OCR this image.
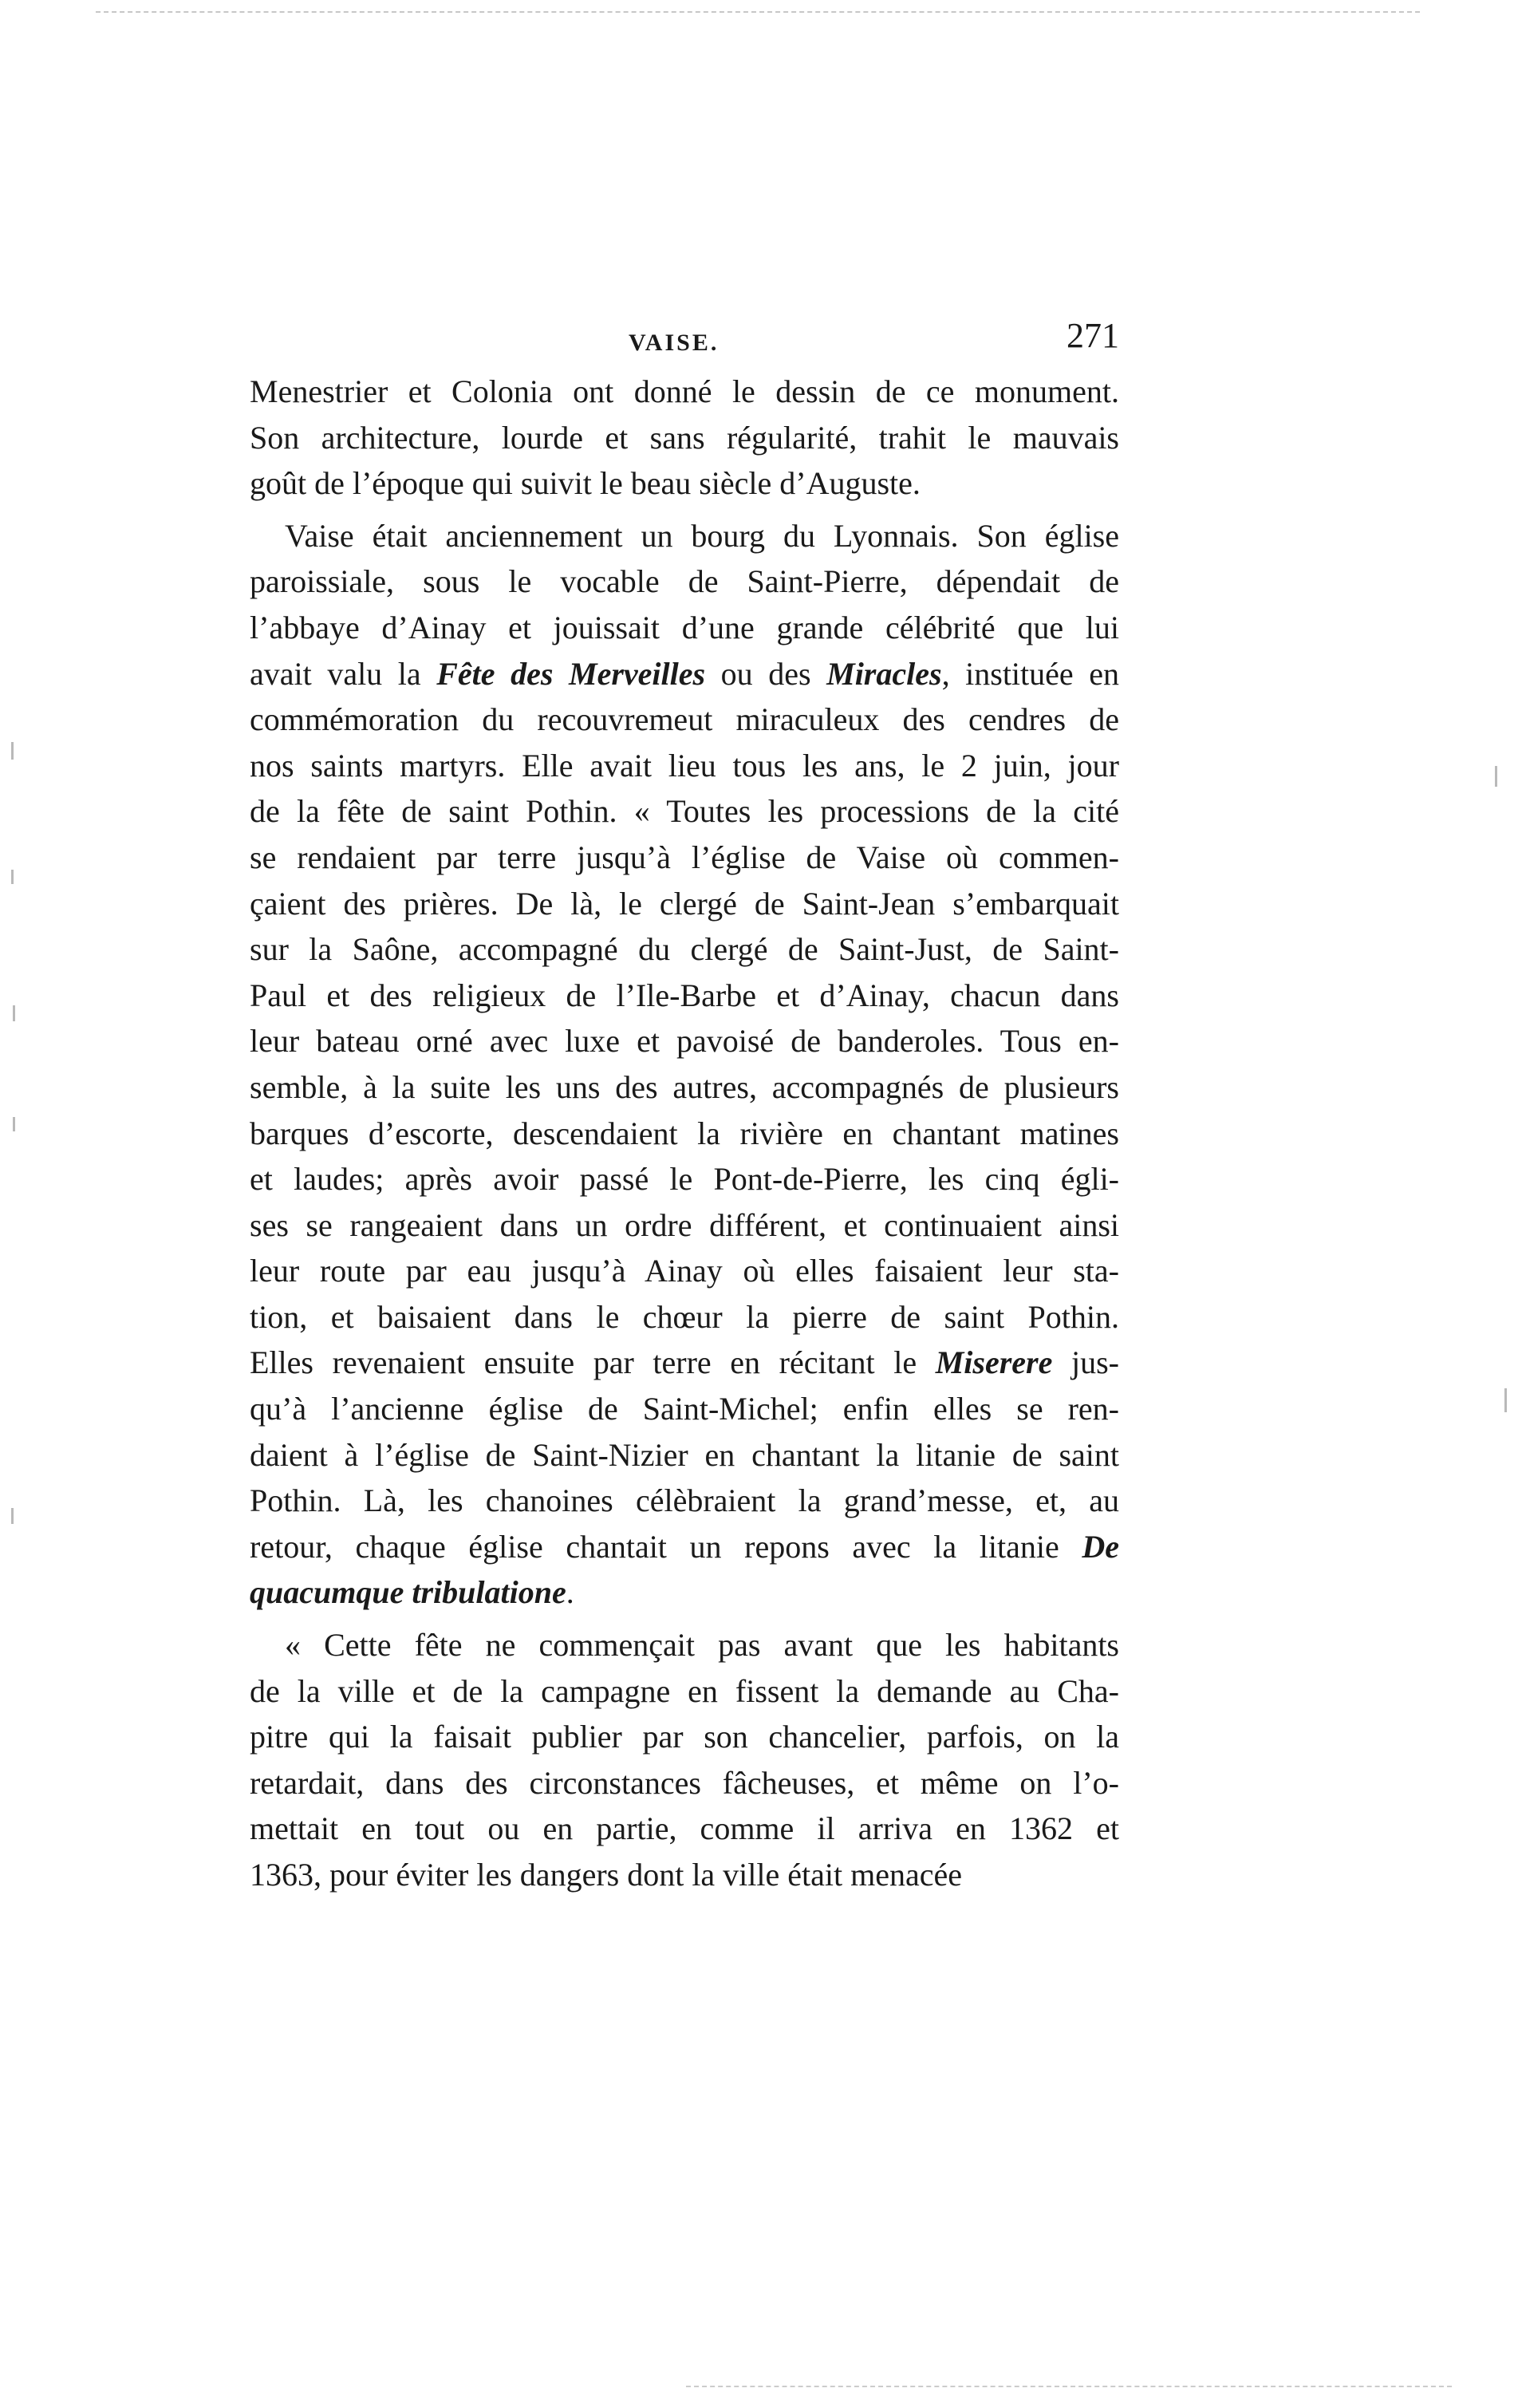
VAISE.	271
Menestrier et Colonia ont donné le dessin de ce monument.
Son architecture, lourde et sans régularité, trahit le mauvais
goût de l’époque qui suivit le beau siècle d’Auguste.
Vaise était anciennement un bourg du Lyonnais. Son église
paroissiale, sous le vocable de Saint-Pierre, dépendait de
l’abbaye d’Ainay et jouissait d’une grande célébrité que lui
avait valu la Fête des Merveilles ou des Miracles, instituée en
commémoration du recouvremeut miraculeux des cendres de
nos saints martyrs. Elle avait lieu tous les ans, le 2 juin, jour
de la fête de saint Pothin. « Toutes les processions de la cité
se rendaient par terre jusqu’à l’église de Vaise où commen-
çaient des prières. De là, le clergé de Saint-Jean s’embarquait
sur la Saône, accompagné du clergé de Saint-Just, de Saint-
Paul et des religieux de l’Ile-Barbe et d’Ainay, chacun dans
leur bateau orné avec luxe et pavoisé de banderoles. Tous en-
semble, à la suite les uns des autres, accompagnés de plusieurs
barques d’escorte, descendaient la rivière en chantant matines
et laudes; après avoir passé le Pont-de-Pierre, les cinq égli-
ses se rangeaient dans un ordre différent, et continuaient ainsi
leur route par eau jusqu’à Ainay où elles faisaient leur sta-
tion, et baisaient dans le chœur la pierre de saint Pothin.
Elles revenaient ensuite par terre en récitant le Miserere jus-
qu’à l’ancienne église de Saint-Michel; enfin elles se ren-
daient à l’église de Saint-Nizier en chantant la litanie de saint
Pothin. Là, les chanoines célèbraient la grand’messe, et, au
retour, chaque église chantait un repons avec la litanie De
quacumque tribulatione.
« Cette fête ne commençait pas avant que les habitants
de la ville et de la campagne en fissent la demande au Cha-
pitre qui la faisait publier par son chancelier, parfois, on la
retardait, dans des circonstances fâcheuses, et même on l’o-
mettait en tout ou en partie, comme il arriva en 1362 et
1363, pour éviter les dangers dont la ville était menacée
